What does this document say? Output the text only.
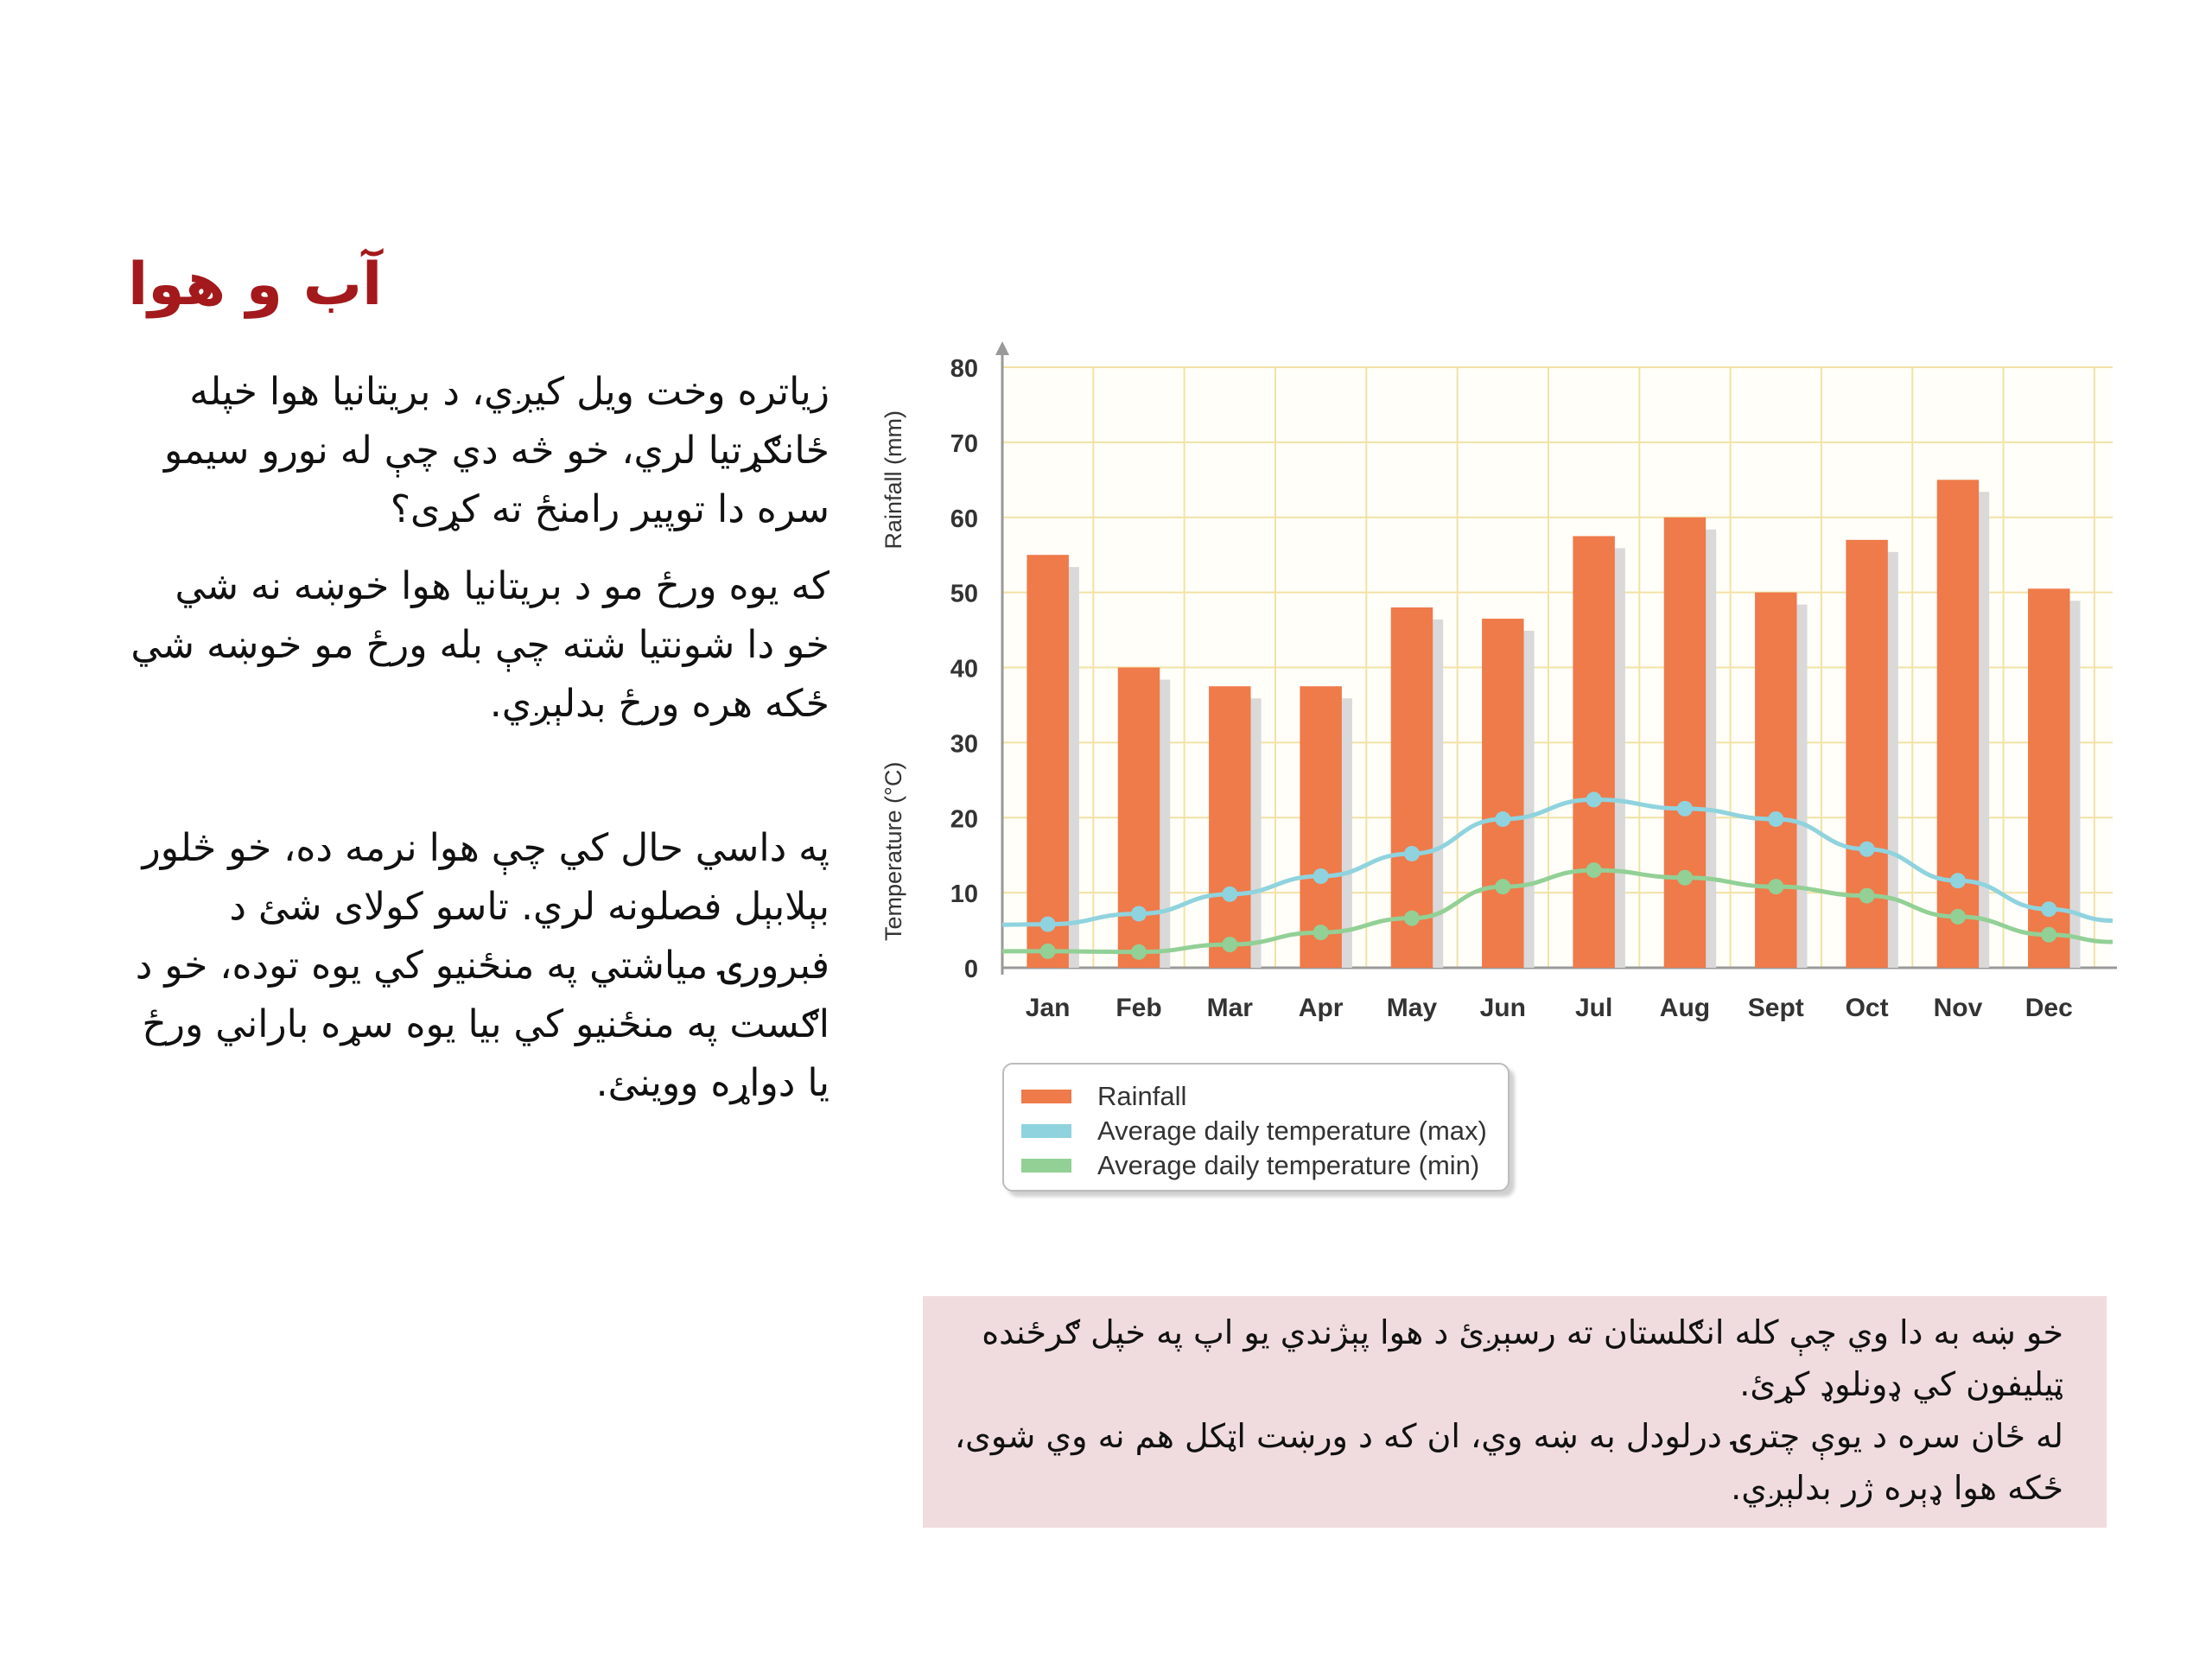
آب و هوا

زیاتره وخت ویل کیږي، د بریتانیا هوا خپله ځانګړتیا لري، خو څه دي چې له نورو سیمو سره دا توپیر رامنځ ته کړی؟

که یوه ورځ مو د بریتانیا هوا خوښه نه شي خو دا شونتیا شته چې بله ورځ مو خوښه شي ځکه هره ورځ بدلېږي.

په داسي حال کي چې هوا نرمه ده، خو څلور بېلابېل فصلونه لري. تاسو کولای شئ د فبرورۍ میاشتي په منځنیو کي یوه توده، خو د اګست په منځنیو کي بیا یوه سړه باراني ورځ یا دواړه ووینئ.

0
10
20
30
40
50
60
70
80
Rainfall (mm)
Temperature (°C)
Jan Feb Mar Apr May Jun Jul Aug Sept Oct Nov Dec
Rainfall
Average daily temperature (max)
Average daily temperature (min)

خو ښه به دا وي چې کله انګلستان ته رسېږئ د هوا پېژندي یو اپ په خپل ګرځنده ټیلیفون کي ډونلوډ کړئ.

له ځان سره د یوې چترۍ درلودل به ښه وي، ان که د ورښت اټکل هم نه وي شوی، ځکه هوا ډېره ژر بدلېږي.
